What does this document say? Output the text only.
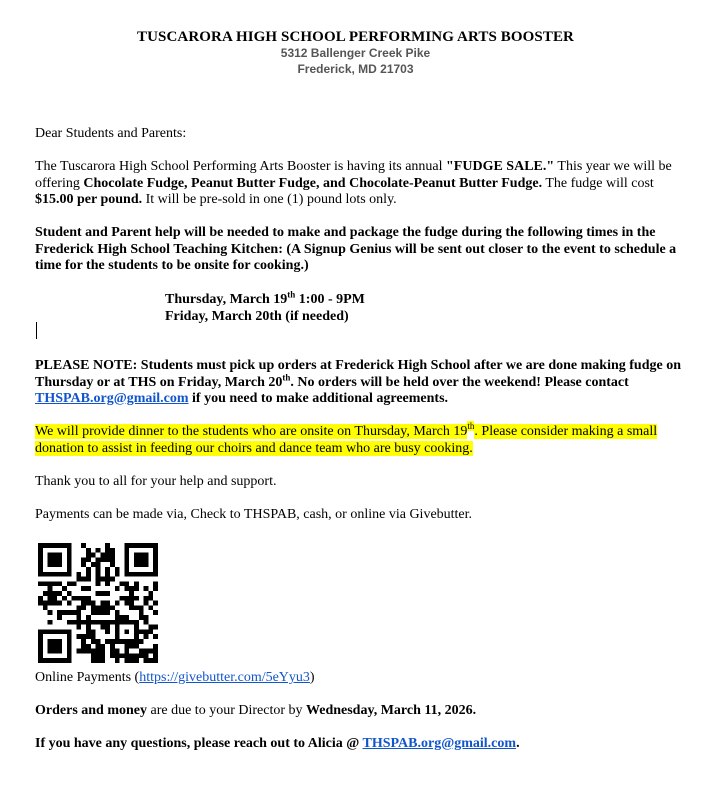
TUSCARORA HIGH SCHOOL PERFORMING ARTS BOOSTER
5312 Ballenger Creek Pike
Frederick, MD 21703
Dear Students and Parents:
The Tuscarora High School Performing Arts Booster is having its annual "FUDGE SALE." This year we will be offering Chocolate Fudge, Peanut Butter Fudge, and Chocolate-Peanut Butter Fudge. The fudge will cost $15.00 per pound. It will be pre-sold in one (1) pound lots only.
Student and Parent help will be needed to make and package the fudge during the following times in the Frederick High School Teaching Kitchen: (A Signup Genius will be sent out closer to the event to schedule a time for the students to be onsite for cooking.)
Thursday, March 19th 1:00 - 9PM
Friday, March 20th (if needed)
PLEASE NOTE: Students must pick up orders at Frederick High School after we are done making fudge on Thursday or at THS on Friday, March 20th. No orders will be held over the weekend! Please contact THSPAB.org@gmail.com if you need to make additional agreements.
We will provide dinner to the students who are onsite on Thursday, March 19th. Please consider making a small donation to assist in feeding our choirs and dance team who are busy cooking.
Thank you to all for your help and support.
Payments can be made via, Check to THSPAB, cash, or online via Givebutter.
Online Payments (https://givebutter.com/5eYyu3)
Orders and money are due to your Director by Wednesday, March 11, 2026.
If you have any questions, please reach out to Alicia @ THSPAB.org@gmail.com.
